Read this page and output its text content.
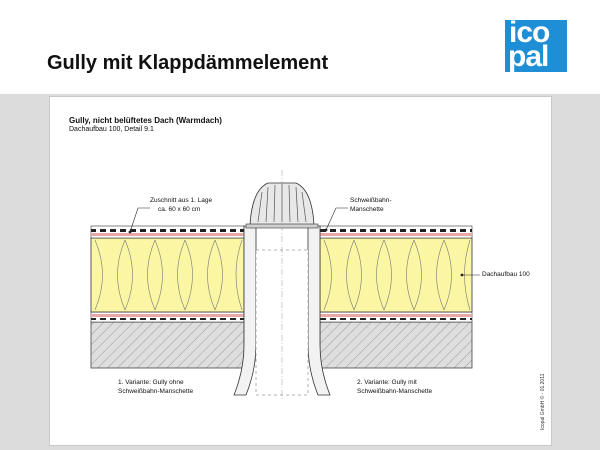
Gully mit Klappdämmelement
ico
pal
Gully, nicht belüftetes Dach (Warmdach)
Dachaufbau 100, Detail 9.1
Zuschnitt aus 1. Lage
ca. 60 x 60 cm
Schweißbahn-
Manschette
Dachaufbau 100
1. Variante: Gully ohne
Schweißbahn-Manschette
2. Variante: Gully mit
Schweißbahn-Manschette	Icopal GmbH © - 01.2011
